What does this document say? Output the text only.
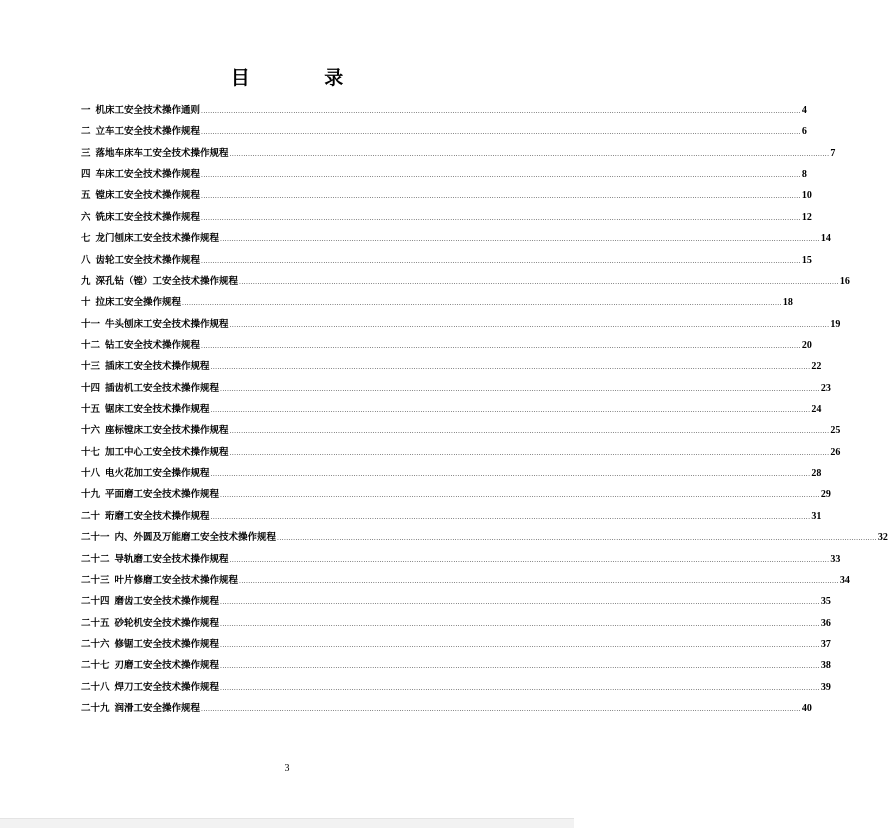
目 录
一 机床工安全技术操作通则 .................................................................................................................................................................................................................................................................... 4
二 立车工安全技术操作规程 .................................................................................................................................................................................................................................................................... 6
三 落地车床车工安全技术操作规程 .................................................................................................................................................................................................................................................................... 7
四 车床工安全技术操作规程 .................................................................................................................................................................................................................................................................... 8
五 镗床工安全技术操作规程 .................................................................................................................................................................................................................................................................... 10
六 铣床工安全技术操作规程 .................................................................................................................................................................................................................................................................... 12
七 龙门刨床工安全技术操作规程 .................................................................................................................................................................................................................................................................... 14
八 齿轮工安全技术操作规程 .................................................................................................................................................................................................................................................................... 15
九 深孔钻（镗）工安全技术操作规程 .................................................................................................................................................................................................................................................................... 16
十 拉床工安全操作规程 .................................................................................................................................................................................................................................................................... 18
十一 牛头刨床工安全技术操作规程 .................................................................................................................................................................................................................................................................... 19
十二 钻工安全技术操作规程 .................................................................................................................................................................................................................................................................... 20
十三 插床工安全技术操作规程 .................................................................................................................................................................................................................................................................... 22
十四 插齿机工安全技术操作规程 .................................................................................................................................................................................................................................................................... 23
十五 锯床工安全技术操作规程 .................................................................................................................................................................................................................................................................... 24
十六 座标镗床工安全技术操作规程 .................................................................................................................................................................................................................................................................... 25
十七 加工中心工安全技术操作规程 .................................................................................................................................................................................................................................................................... 26
十八 电火花加工安全操作规程 .................................................................................................................................................................................................................................................................... 28
十九 平面磨工安全技术操作规程 .................................................................................................................................................................................................................................................................... 29
二十 珩磨工安全技术操作规程 .................................................................................................................................................................................................................................................................... 31
二十一 内、外圆及万能磨工安全技术操作规程 .................................................................................................................................................................................................................................................................... 32
二十二 导轨磨工安全技术操作规程 .................................................................................................................................................................................................................................................................... 33
二十三 叶片修磨工安全技术操作规程 .................................................................................................................................................................................................................................................................... 34
二十四 磨齿工安全技术操作规程 .................................................................................................................................................................................................................................................................... 35
二十五 砂轮机安全技术操作规程 .................................................................................................................................................................................................................................................................... 36
二十六 修锯工安全技术操作规程 .................................................................................................................................................................................................................................................................... 37
二十七 刃磨工安全技术操作规程 .................................................................................................................................................................................................................................................................... 38
二十八 焊刀工安全技术操作规程 .................................................................................................................................................................................................................................................................... 39
二十九 润滑工安全操作规程 .................................................................................................................................................................................................................................................................... 40
3
